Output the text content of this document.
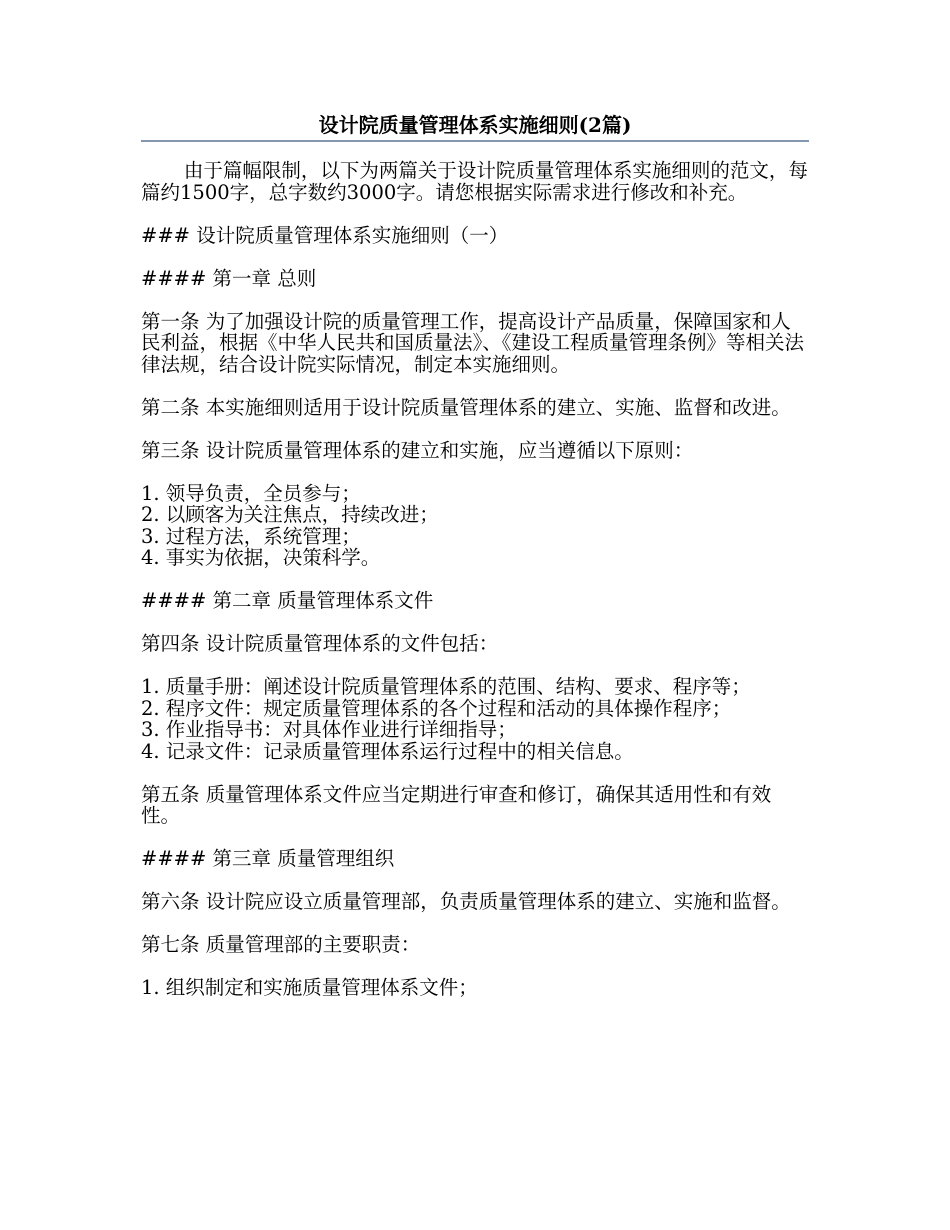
设计院质量管理体系实施细则(2篇)

由于篇幅限制，以下为两篇关于设计院质量管理体系实施细则的范文，每篇约1500字，总字数约3000字。请您根据实际需求进行修改和补充。

### 设计院质量管理体系实施细则（一）

#### 第一章 总则

第一条 为了加强设计院的质量管理工作，提高设计产品质量，保障国家和人民利益，根据《中华人民共和国质量法》、《建设工程质量管理条例》等相关法律法规，结合设计院实际情况，制定本实施细则。

第二条 本实施细则适用于设计院质量管理体系的建立、实施、监督和改进。

第三条 设计院质量管理体系的建立和实施，应当遵循以下原则：

1. 领导负责，全员参与；
2. 以顾客为关注焦点，持续改进；
3. 过程方法，系统管理；
4. 事实为依据，决策科学。

#### 第二章 质量管理体系文件

第四条 设计院质量管理体系的文件包括：

1. 质量手册：阐述设计院质量管理体系的范围、结构、要求、程序等；
2. 程序文件：规定质量管理体系的各个过程和活动的具体操作程序；
3. 作业指导书：对具体作业进行详细指导；
4. 记录文件：记录质量管理体系运行过程中的相关信息。

第五条 质量管理体系文件应当定期进行审查和修订，确保其适用性和有效性。

#### 第三章 质量管理组织

第六条 设计院应设立质量管理部，负责质量管理体系的建立、实施和监督。

第七条 质量管理部的主要职责：

1. 组织制定和实施质量管理体系文件；
